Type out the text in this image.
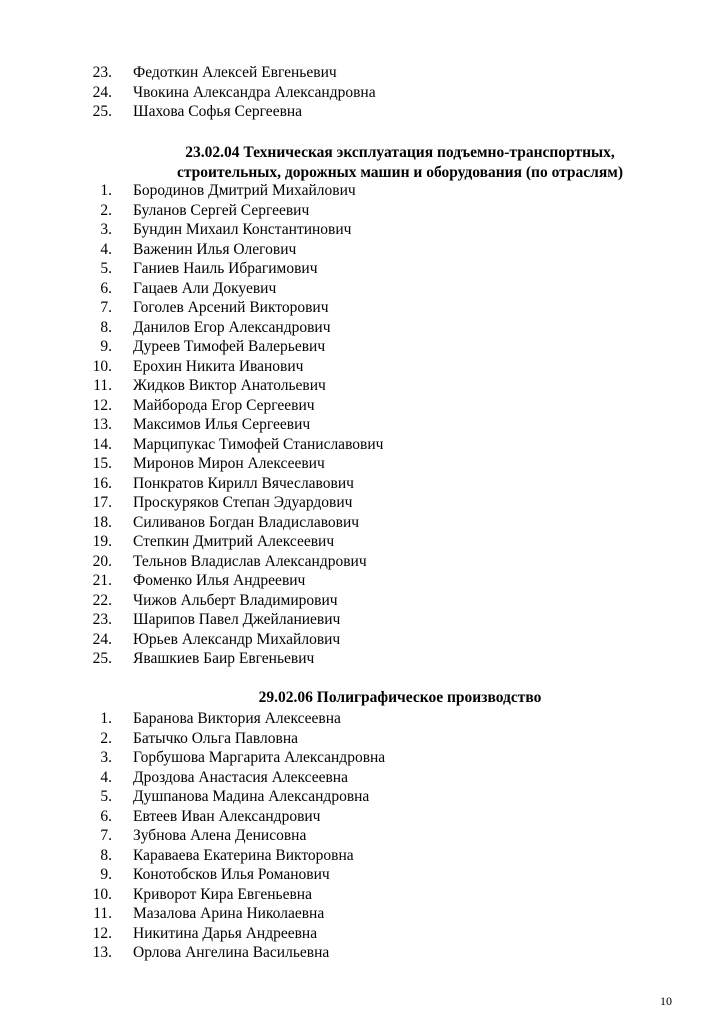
23. Федоткин Алексей Евгеньевич
24. Чвокина Александра Александровна
25. Шахова Софья Сергеевна
23.02.04 Техническая эксплуатация подъемно-транспортных,
строительных, дорожных машин и оборудования (по отраслям)
1. Бородинов Дмитрий Михайлович
2. Буланов Сергей Сергеевич
3. Бундин Михаил Константинович
4. Важенин Илья Олегович
5. Ганиев Наиль Ибрагимович
6. Гацаев Али Докуевич
7. Гоголев Арсений Викторович
8. Данилов Егор Александрович
9. Дуреев Тимофей Валерьевич
10. Ерохин Никита Иванович
11. Жидков Виктор Анатольевич
12. Майборода Егор Сергеевич
13. Максимов Илья Сергеевич
14. Марципукас Тимофей Станиславович
15. Миронов Мирон Алексеевич
16. Понкратов Кирилл Вячеславович
17. Проскуряков Степан Эдуардович
18. Силиванов Богдан Владиславович
19. Степкин Дмитрий Алексеевич
20. Тельнов Владислав Александрович
21. Фоменко Илья Андреевич
22. Чижов Альберт Владимирович
23. Шарипов Павел Джейланиевич
24. Юрьев Александр Михайлович
25. Явашкиев Баир Евгеньевич
29.02.06 Полиграфическое производство
1. Баранова Виктория Алексеевна
2. Батычко Ольга Павловна
3. Горбушова Маргарита Александровна
4. Дроздова Анастасия Алексеевна
5. Душпанова Мадина Александровна
6. Евтеев Иван Александрович
7. Зубнова Алена Денисовна
8. Караваева Екатерина Викторовна
9. Конотобсков Илья Романович
10. Криворот Кира Евгеньевна
11. Мазалова Арина Николаевна
12. Никитина Дарья Андреевна
13. Орлова Ангелина Васильевна
10
